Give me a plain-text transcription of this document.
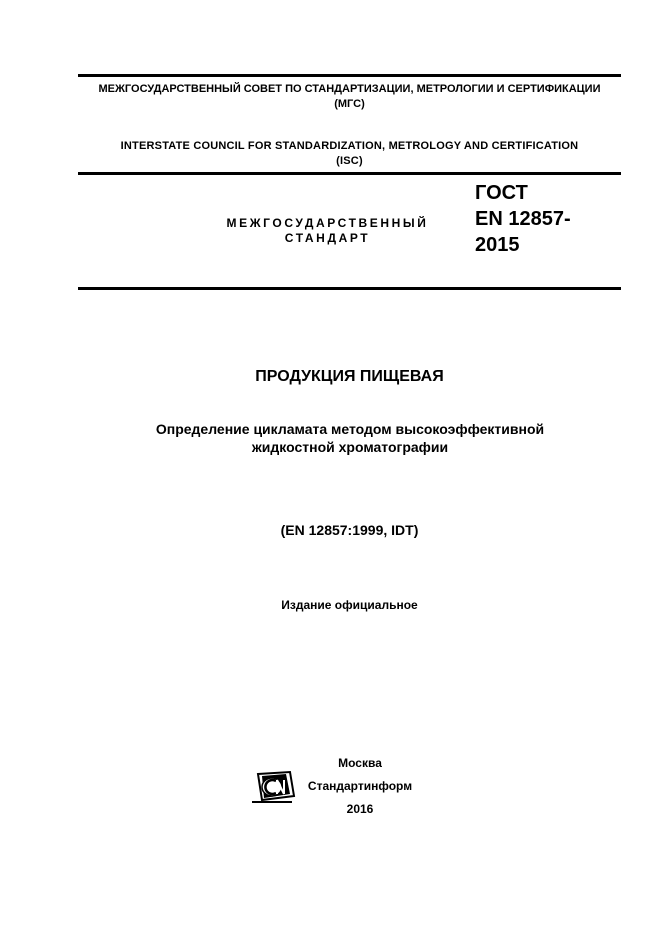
МЕЖГОСУДАРСТВЕННЫЙ СОВЕТ ПО СТАНДАРТИЗАЦИИ, МЕТРОЛОГИИ И СЕРТИФИКАЦИИ
(МГС)
INTERSTATE COUNCIL FOR STANDARDIZATION, METROLOGY AND CERTIFICATION
(ISC)
МЕЖГОСУДАРСТВЕННЫЙ
СТАНДАРТ
ГОСТ
EN 12857-
2015
ПРОДУКЦИЯ ПИЩЕВАЯ
Определение цикламата методом высокоэффективной
жидкостной хроматографии
(EN 12857:1999, IDT)
Издание официальное
Москва
Стандартинформ
2016
